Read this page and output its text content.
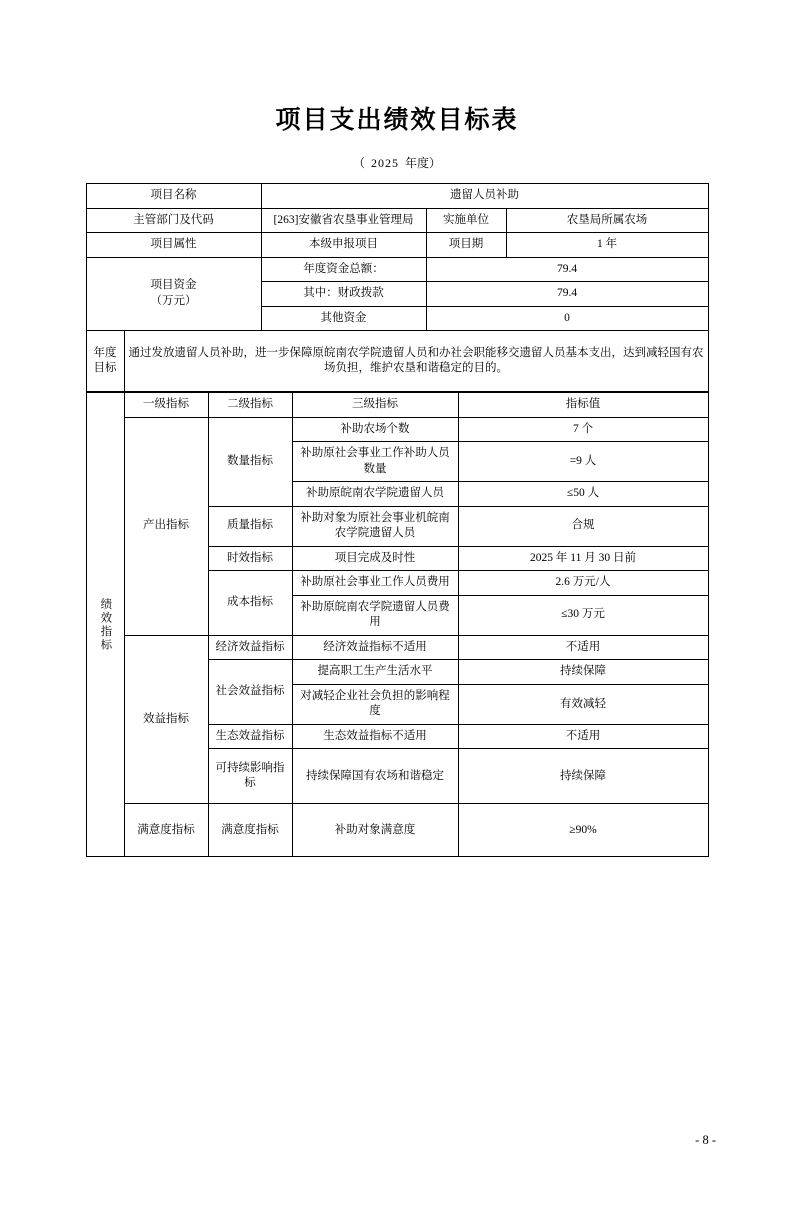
项目支出绩效目标表
（ 2025 年度）
项目名称		遗留人员补助		
主管部门及代码		[263]安徽省农垦事业管理局	实施单位	农垦局所属农场
项目属性		本级申报项目	项目期	1 年

项目资金
（万元）		年度资金总额：	79.4	
		其中：财政拨款	79.4	
		其他资金	0	

年度
目标	通过发放遗留人员补助，进一步保障原皖南农学院遗留人员和办社会职能移交遗留人员基本支出，达到减轻国有农场负担，维护农垦和谐稳定的目的。			
绩效指标	一级指标	二级指标	三级指标	指标值
	产出指标	数量指标	补助农场个数	7 个
			补助原社会事业工作补助人员数量	=9 人
			补助原皖南农学院遗留人员	≤50 人
		质量指标	补助对象为原社会事业机皖南农学院遗留人员	合规
		时效指标	项目完成及时性	2025 年 11 月 30 日前
		成本指标	补助原社会事业工作人员费用	2.6 万元/人
			补助原皖南农学院遗留人员费用	≤30 万元
	效益指标	经济效益指标	经济效益指标不适用	不适用
		社会效益指标	提高职工生产生活水平	持续保障
			对减轻企业社会负担的影响程度	有效减轻
		生态效益指标	生态效益指标不适用	不适用
		可持续影响指标	持续保障国有农场和谐稳定	持续保障
	满意度指标	满意度指标	补助对象满意度	≥90%
- 8 -
